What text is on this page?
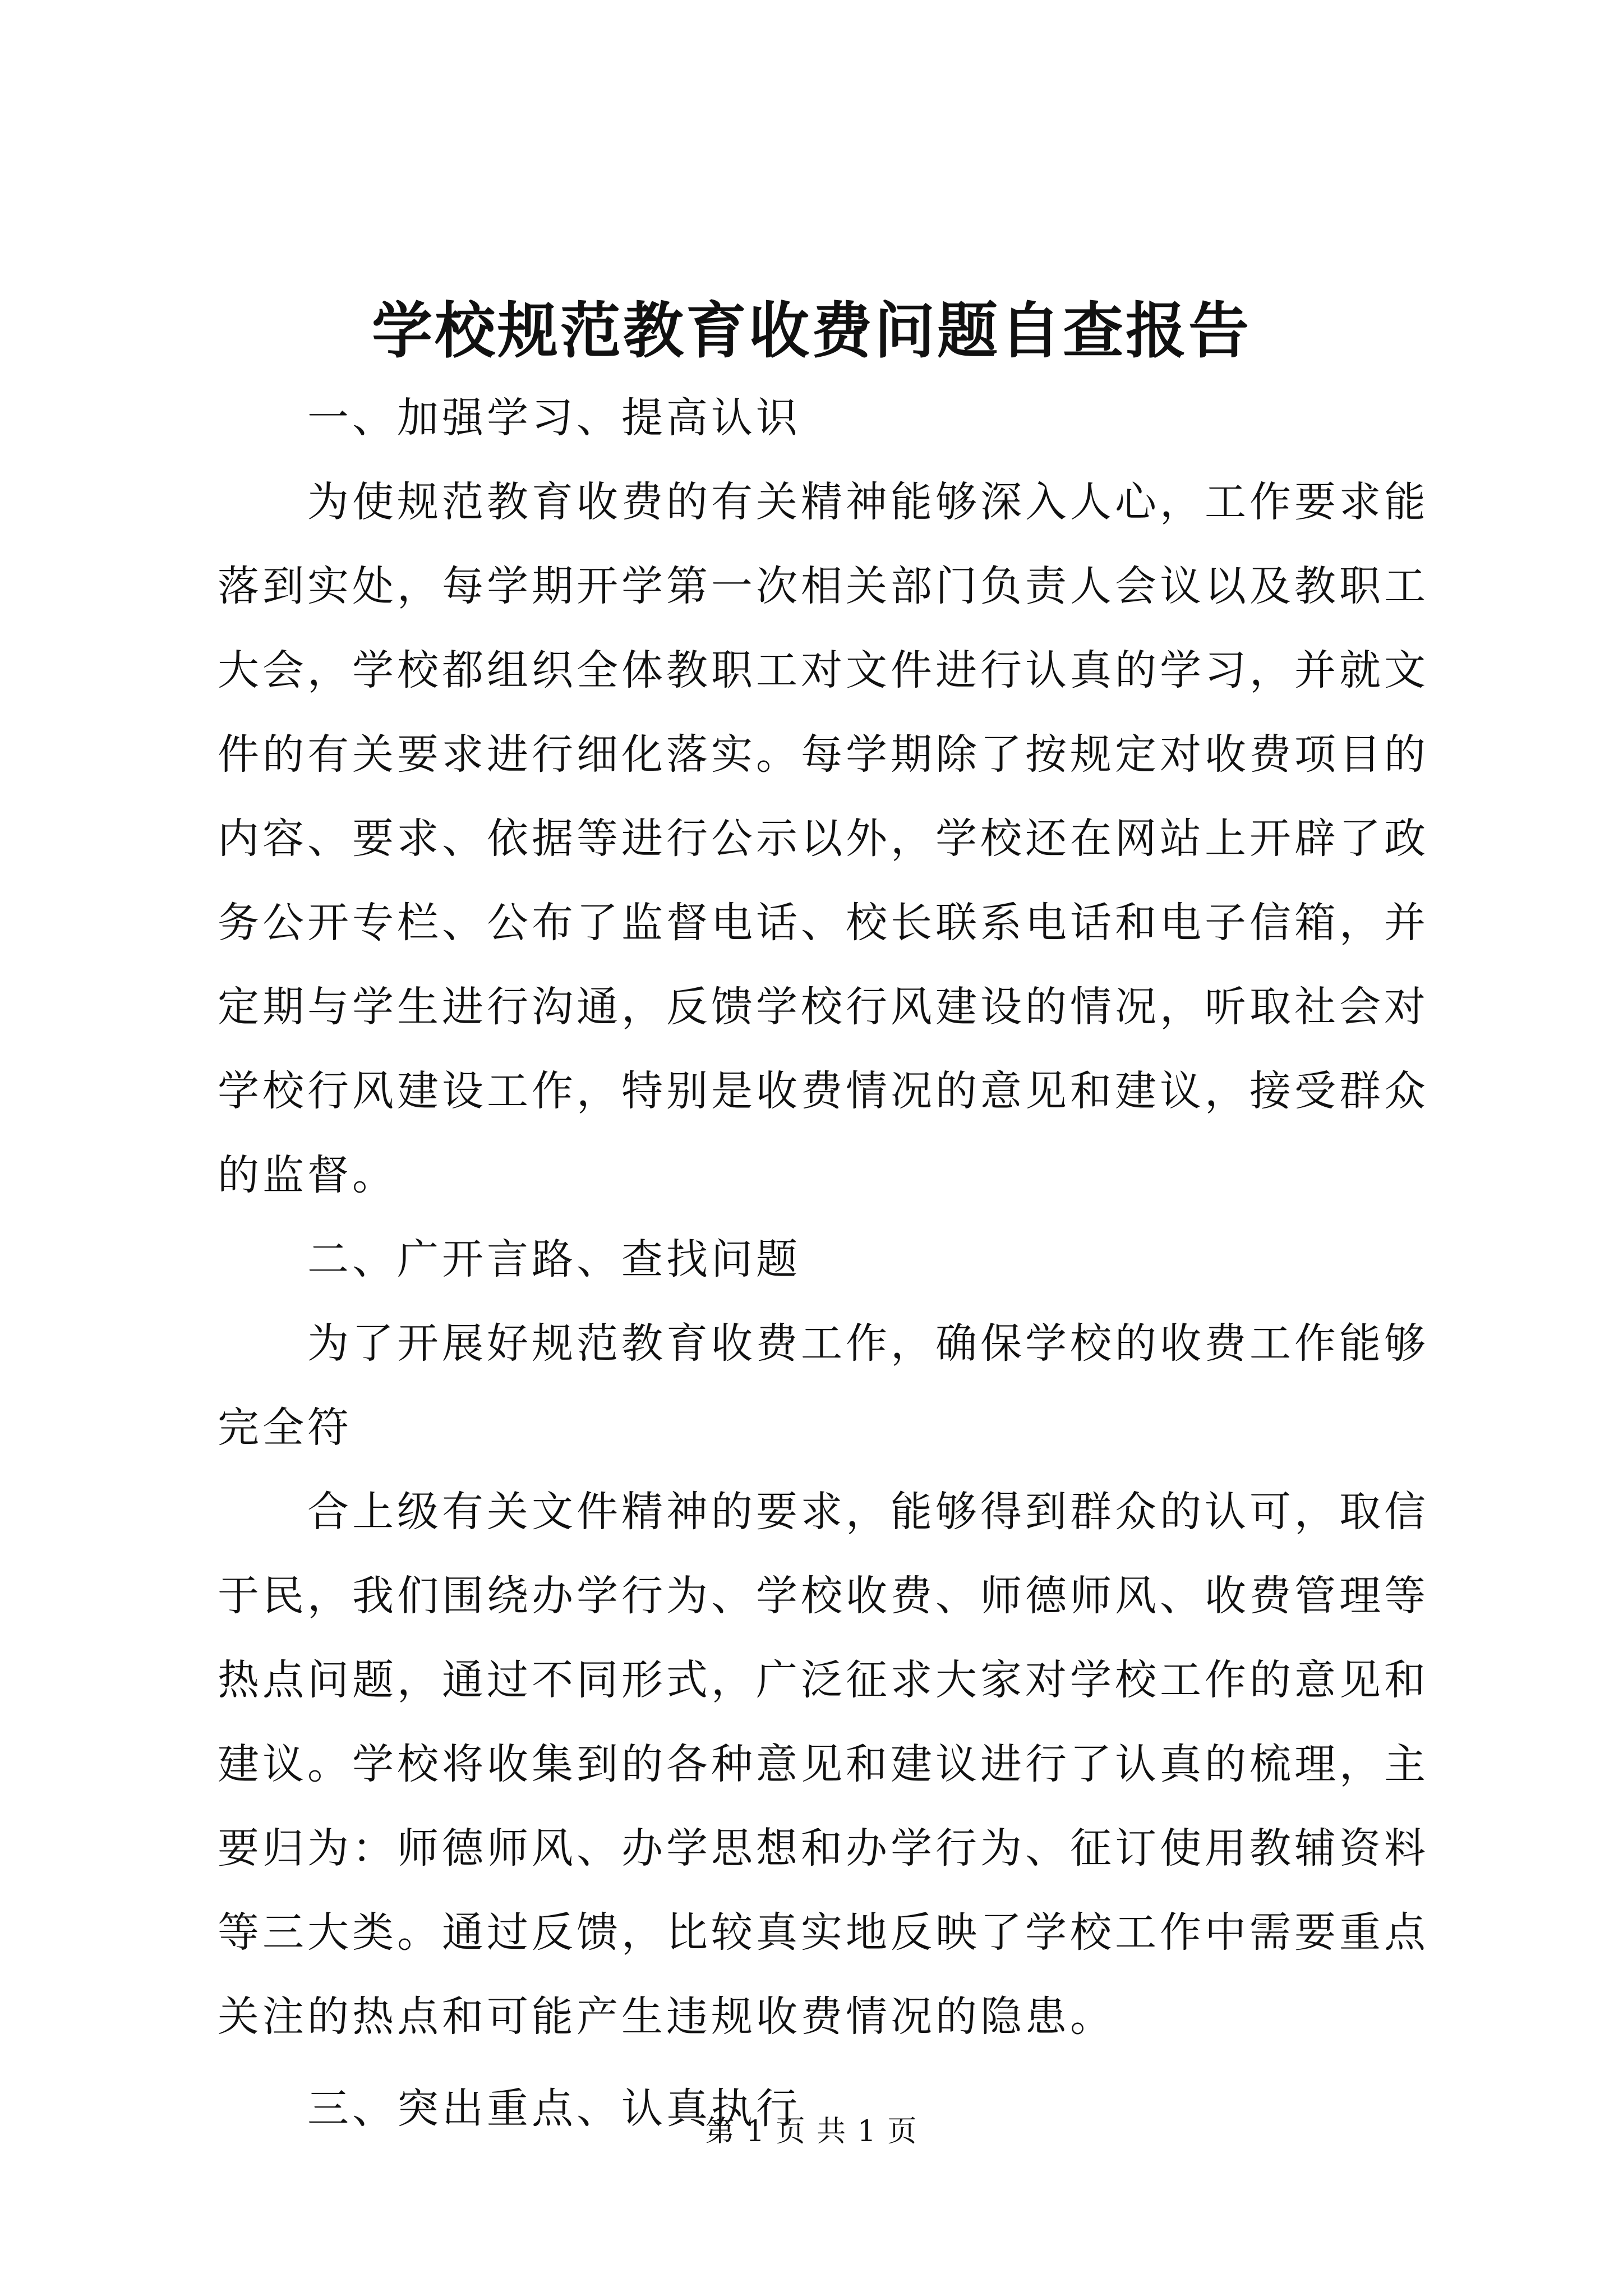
学校规范教育收费问题自查报告

一、加强学习、提高认识

为使规范教育收费的有关精神能够深入人心，工作要求能落到实处，每学期开学第一次相关部门负责人会议以及教职工大会，学校都组织全体教职工对文件进行认真的学习，并就文件的有关要求进行细化落实。每学期除了按规定对收费项目的内容、要求、依据等进行公示以外，学校还在网站上开辟了政务公开专栏、公布了监督电话、校长联系电话和电子信箱，并定期与学生进行沟通，反馈学校行风建设的情况，听取社会对学校行风建设工作，特别是收费情况的意见和建议，接受群众的监督。

二、广开言路、查找问题

为了开展好规范教育收费工作，确保学校的收费工作能够完全符

合上级有关文件精神的要求，能够得到群众的认可，取信于民，我们围绕办学行为、学校收费、师德师风、收费管理等热点问题，通过不同形式，广泛征求大家对学校工作的意见和建议。学校将收集到的各种意见和建议进行了认真的梳理，主要归为：师德师风、办学思想和办学行为、征订使用教辅资料等三大类。通过反馈，比较真实地反映了学校工作中需要重点关注的热点和可能产生违规收费情况的隐患。

三、突出重点、认真执行

第 1 页 共 1 页
